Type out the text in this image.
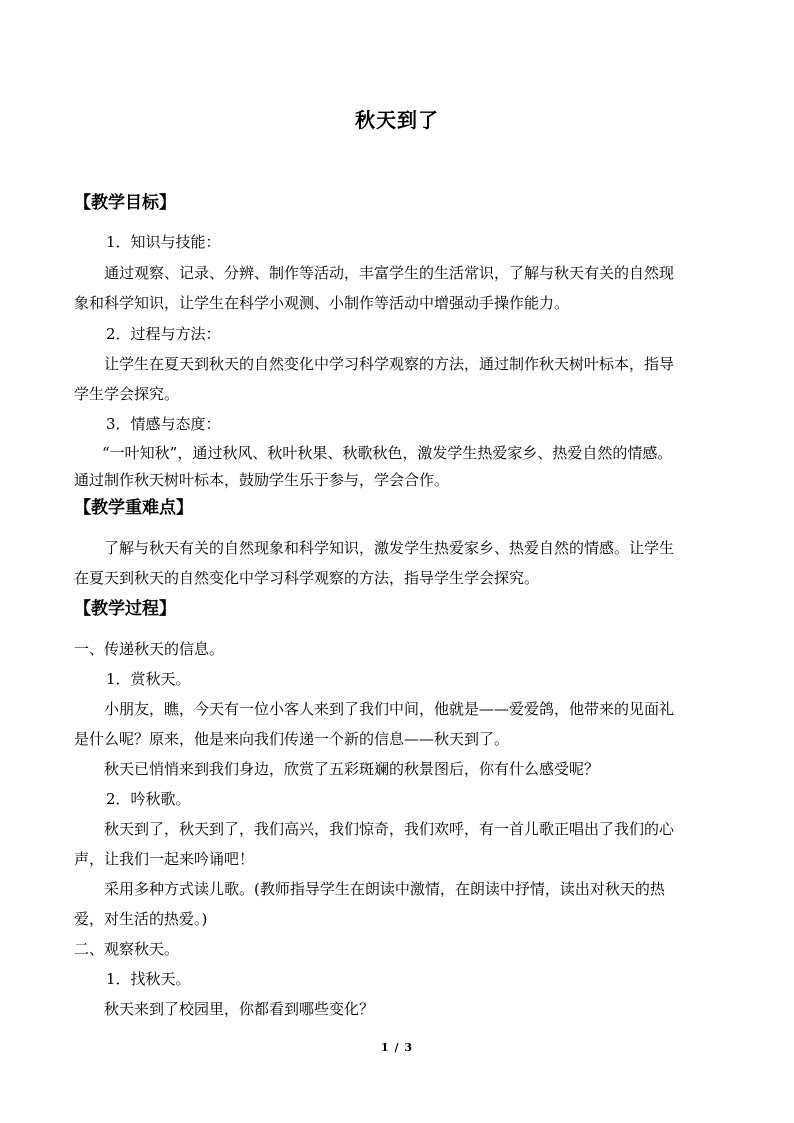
秋天到了
【教学目标】
1．知识与技能：
通过观察、记录、分辨、制作等活动，丰富学生的生活常识，了解与秋天有关的自然现
象和科学知识，让学生在科学小观测、小制作等活动中增强动手操作能力。
2．过程与方法：
让学生在夏天到秋天的自然变化中学习科学观察的方法，通过制作秋天树叶标本，指导
学生学会探究。
3．情感与态度：
“一叶知秋”，通过秋风、秋叶秋果、秋歌秋色，激发学生热爱家乡、热爱自然的情感。
通过制作秋天树叶标本，鼓励学生乐于参与，学会合作。
【教学重难点】
了解与秋天有关的自然现象和科学知识，激发学生热爱家乡、热爱自然的情感。让学生
在夏天到秋天的自然变化中学习科学观察的方法，指导学生学会探究。
【教学过程】
一、传递秋天的信息。
1．赏秋天。
小朋友，瞧，今天有一位小客人来到了我们中间，他就是——爱爱鸽，他带来的见面礼
是什么呢？原来，他是来向我们传递一个新的信息——秋天到了。
秋天已悄悄来到我们身边，欣赏了五彩斑斓的秋景图后，你有什么感受呢？
2．吟秋歌。
秋天到了，秋天到了，我们高兴，我们惊奇，我们欢呼，有一首儿歌正唱出了我们的心
声，让我们一起来吟诵吧！
采用多种方式读儿歌。(教师指导学生在朗读中激情，在朗读中抒情，读出对秋天的热
爱，对生活的热爱。)
二、观察秋天。
1．找秋天。
秋天来到了校园里，你都看到哪些变化？
1 / 3
